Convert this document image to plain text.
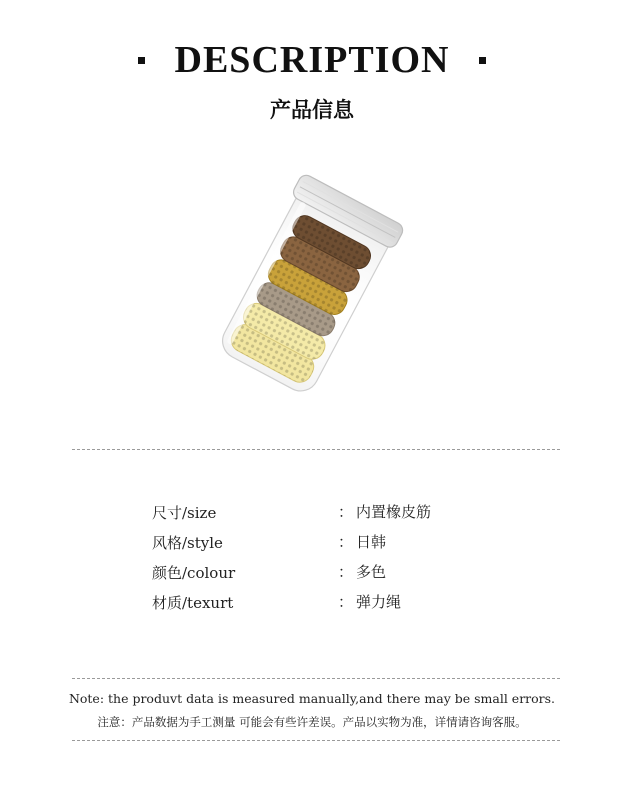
DESCRIPTION
产品信息
尺寸/size	： 内置橡皮筋
风格/style	： 日韩
颜色/colour	： 多色
材质/texurt	： 弹力绳
Note: the produvt data is measured manually,and there may be small errors.
注意：产品数据为手工测量 可能会有些许差误。产品以实物为准，详情请咨询客服。
